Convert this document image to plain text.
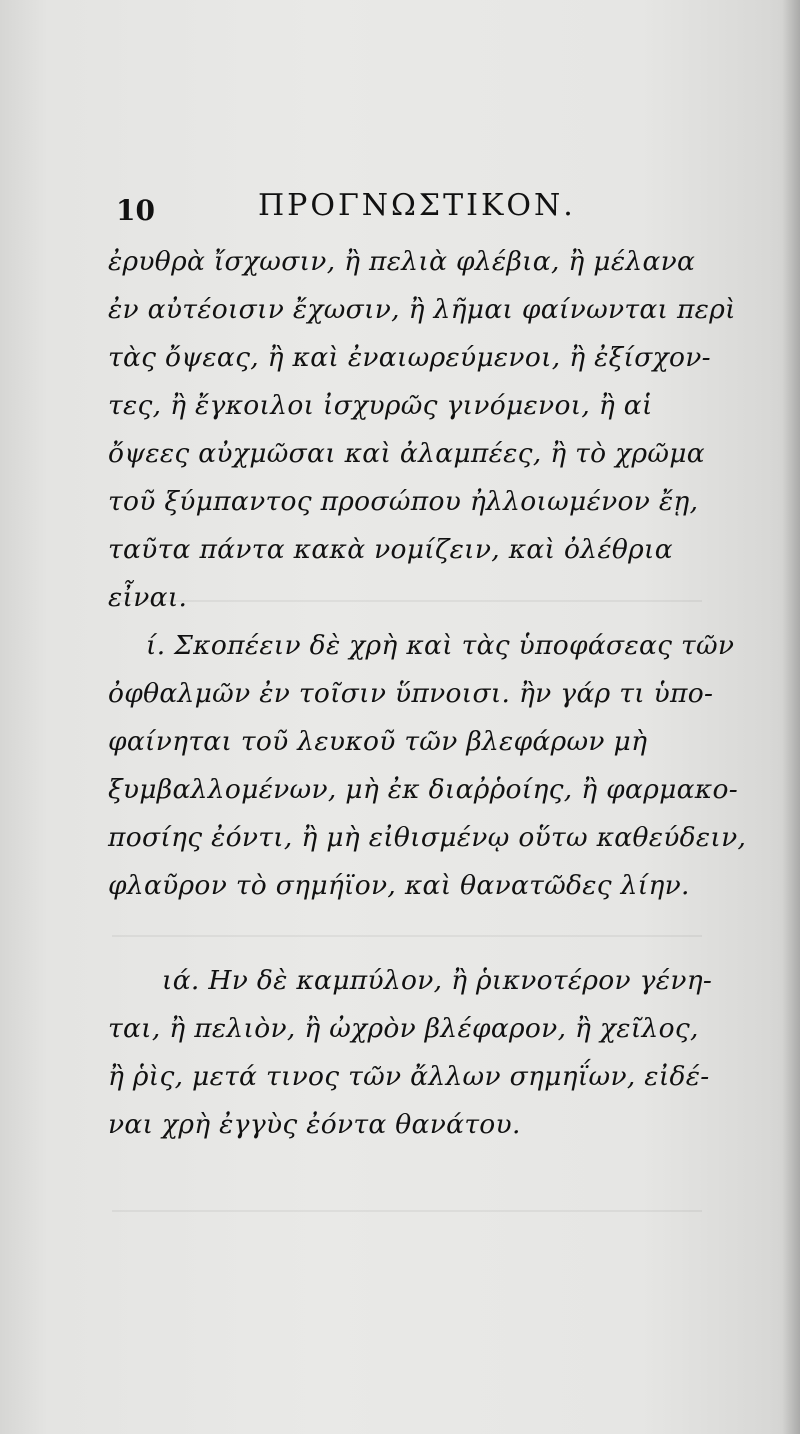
10	ΠΡΟΓΝΩΣΤΙΚΟΝ.
ἐρυθρὰ ἴσχωσιν, ἢ πελιὰ φλέβια, ἢ μέλανα
ἐν αὐτέοισιν ἔχωσιν, ἢ λῆμαι φαίνωνται περὶ
τὰς ὄψεας, ἢ καὶ ἐναιωρεύμενοι, ἢ ἐξίσχον-
τες, ἢ ἔγκοιλοι ἰσχυρῶς γινόμενοι, ἢ αἱ
ὄψεες αὐχμῶσαι καὶ ἀλαμπέες, ἢ τὸ χρῶμα
τοῦ ξύμπαντος προσώπου ἠλλοιωμένον ἔῃ,
ταῦτα πάντα κακὰ νομίζειν, καὶ ὀλέθρια
εἶναι.
ί. Σκοπέειν δὲ χρὴ καὶ τὰς ὑποφάσεας τῶν
ὀφθαλμῶν ἐν τοῖσιν ὕπνοισι. ἢν γάρ τι ὑπο-
φαίνηται τοῦ λευκοῦ τῶν βλεφάρων μὴ
ξυμβαλλομένων, μὴ ἐκ διαῤῥοίης, ἢ φαρμακο-
ποσίης ἐόντι, ἢ μὴ εἰθισμένῳ οὕτω καθεύδειν,
φλαῦρον τὸ σημήϊον, καὶ θανατῶδες λίην.
ιά. Ην δὲ καμπύλον, ἢ ῥικνοτέρον γένη-
ται, ἢ πελιὸν, ἢ ὠχρὸν βλέφαρον, ἢ χεῖλος,
ἢ ῥὶς, μετά τινος τῶν ἄλλων σημηΐων, εἰδέ-
ναι χρὴ ἐγγὺς ἐόντα θανάτου.
